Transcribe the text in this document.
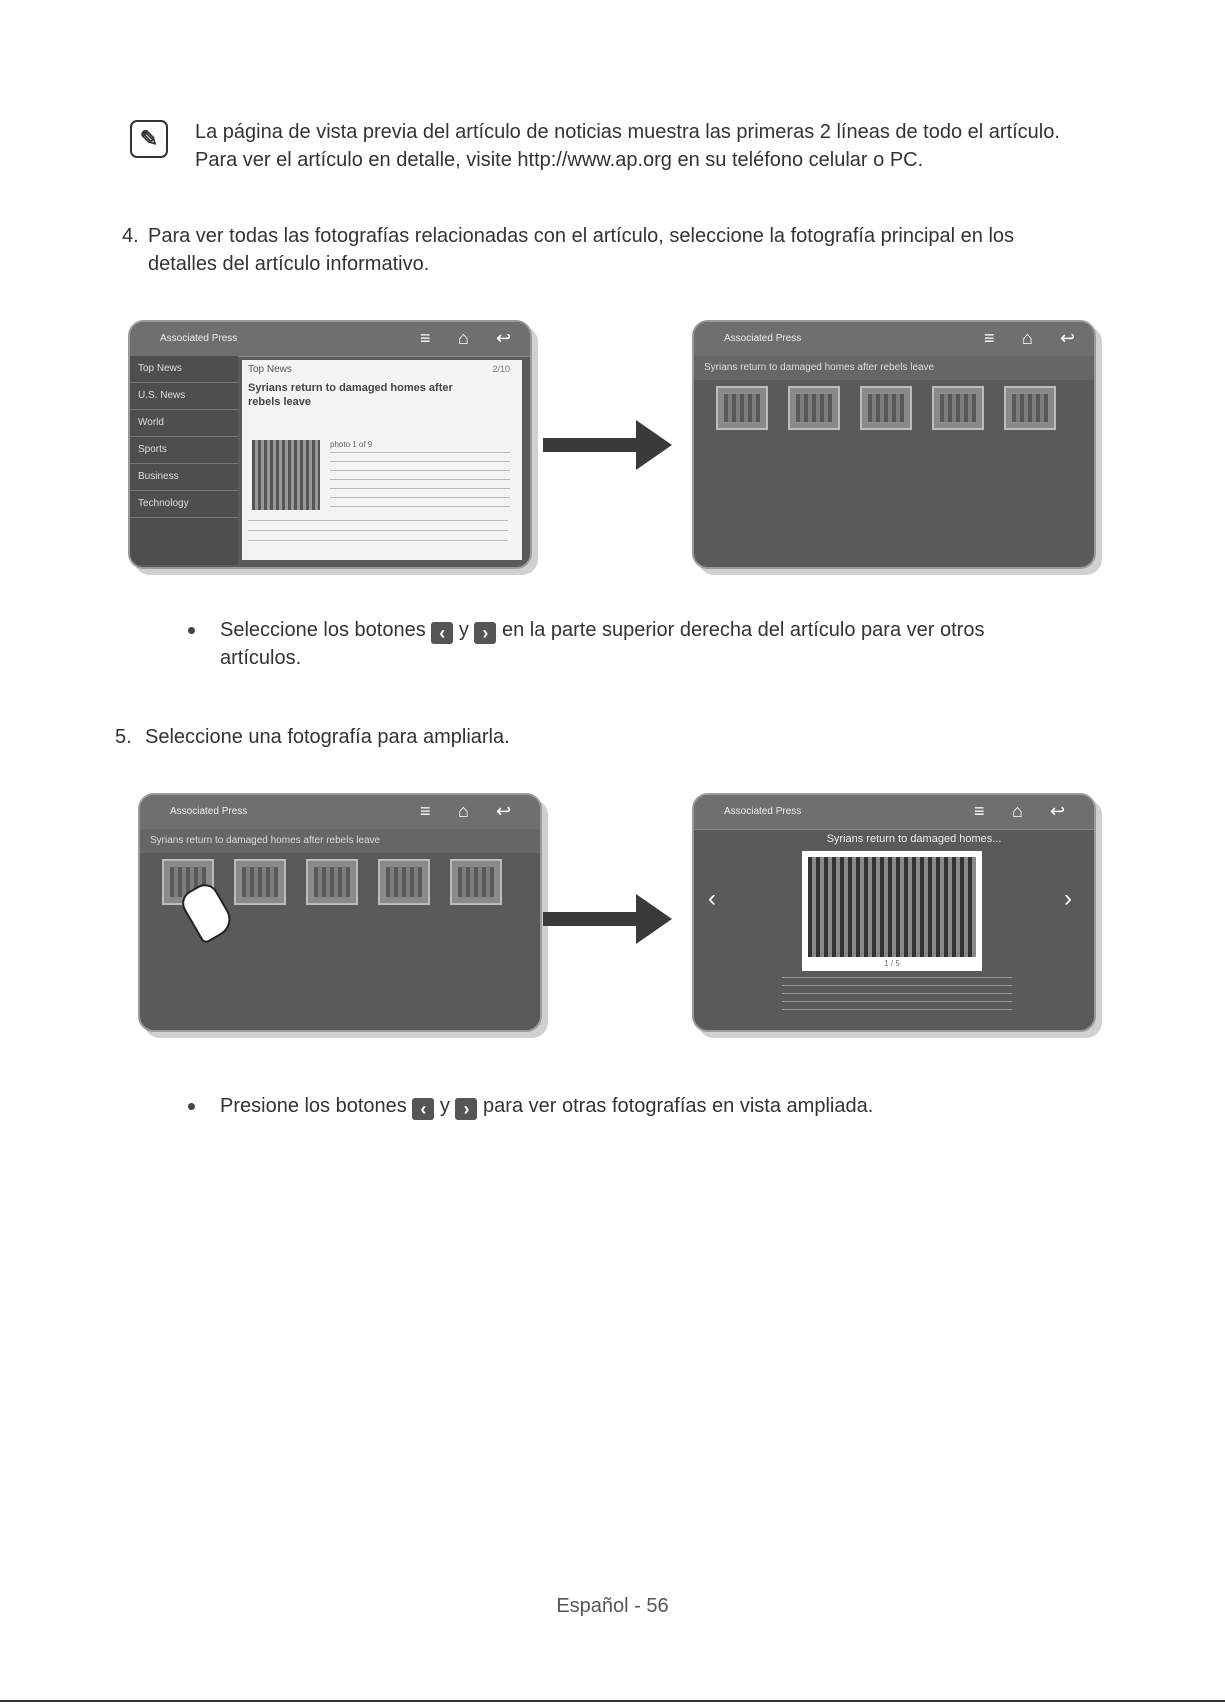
✎	La página de vista previa del artículo de noticias muestra las primeras 2 líneas de todo el artículo.
Para ver el artículo en detalle, visite http://www.ap.org en su teléfono celular o PC.
4. Para ver todas las fotografías relacionadas con el artículo, seleccione la fotografía principal en los
detalles del artículo informativo.
Associated Press	≡ ⌂ ↩
Top News
U.S. News
World
Sports
Business
Technology
Top News	2/10
Syrians return to damaged homes after
rebels leave
photo 1 of 9
Associated Press	≡ ⌂ ↩
Syrians return to damaged homes after rebels leave
Seleccione los botones ‹ y › en la parte superior derecha del artículo para ver otros
artículos.
5. Seleccione una fotografía para ampliarla.
Associated Press	≡ ⌂ ↩
Syrians return to damaged homes after rebels leave
Associated Press	≡ ⌂ ↩
Syrians return to damaged homes...
1 / 5
‹	›
Presione los botones ‹ y › para ver otras fotografías en vista ampliada.
Español - 56
